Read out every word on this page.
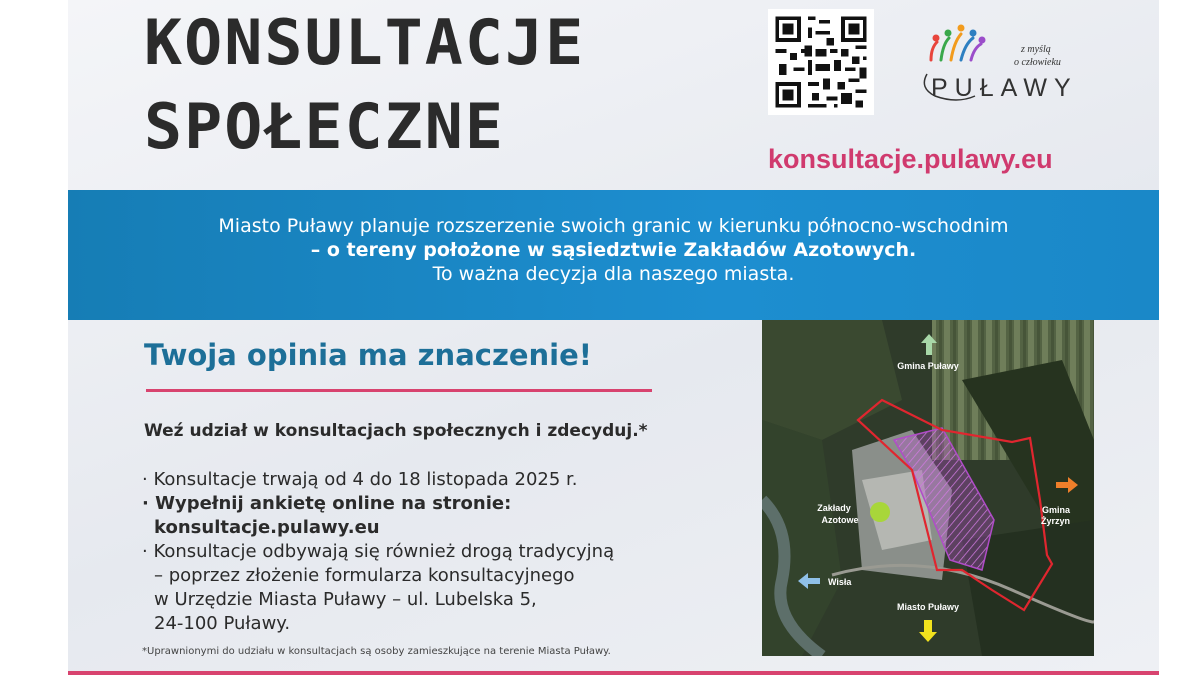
KONSULTACJE
SPOŁECZNE
z myślą
o człowieku
PUŁAWY
konsultacje.pulawy.eu
Miasto Puławy planuje rozszerzenie swoich granic w kierunku północno-wschodnim
– o tereny położone w sąsiedztwie Zakładów Azotowych.
To ważna decyzja dla naszego miasta.
Twoja opinia ma znaczenie!
Weź udział w konsultacjach społecznych i zdecyduj.*
· Konsultacje trwają od 4 do 18 listopada 2025 r.
· Wypełnij ankietę online na stronie:
konsultacje.pulawy.eu
· Konsultacje odbywają się również drogą tradycyjną
– poprzez złożenie formularza konsultacyjnego
w Urzędzie Miasta Puławy – ul. Lubelska 5,
24-100 Puławy.
*Uprawnionymi do udziału w konsultacjach są osoby zamieszkujące na terenie Miasta Puławy.
Gmina Puławy
Gmina
Żyrzyn
Zakłady
Azotowe
Wisła
Miasto Puławy
